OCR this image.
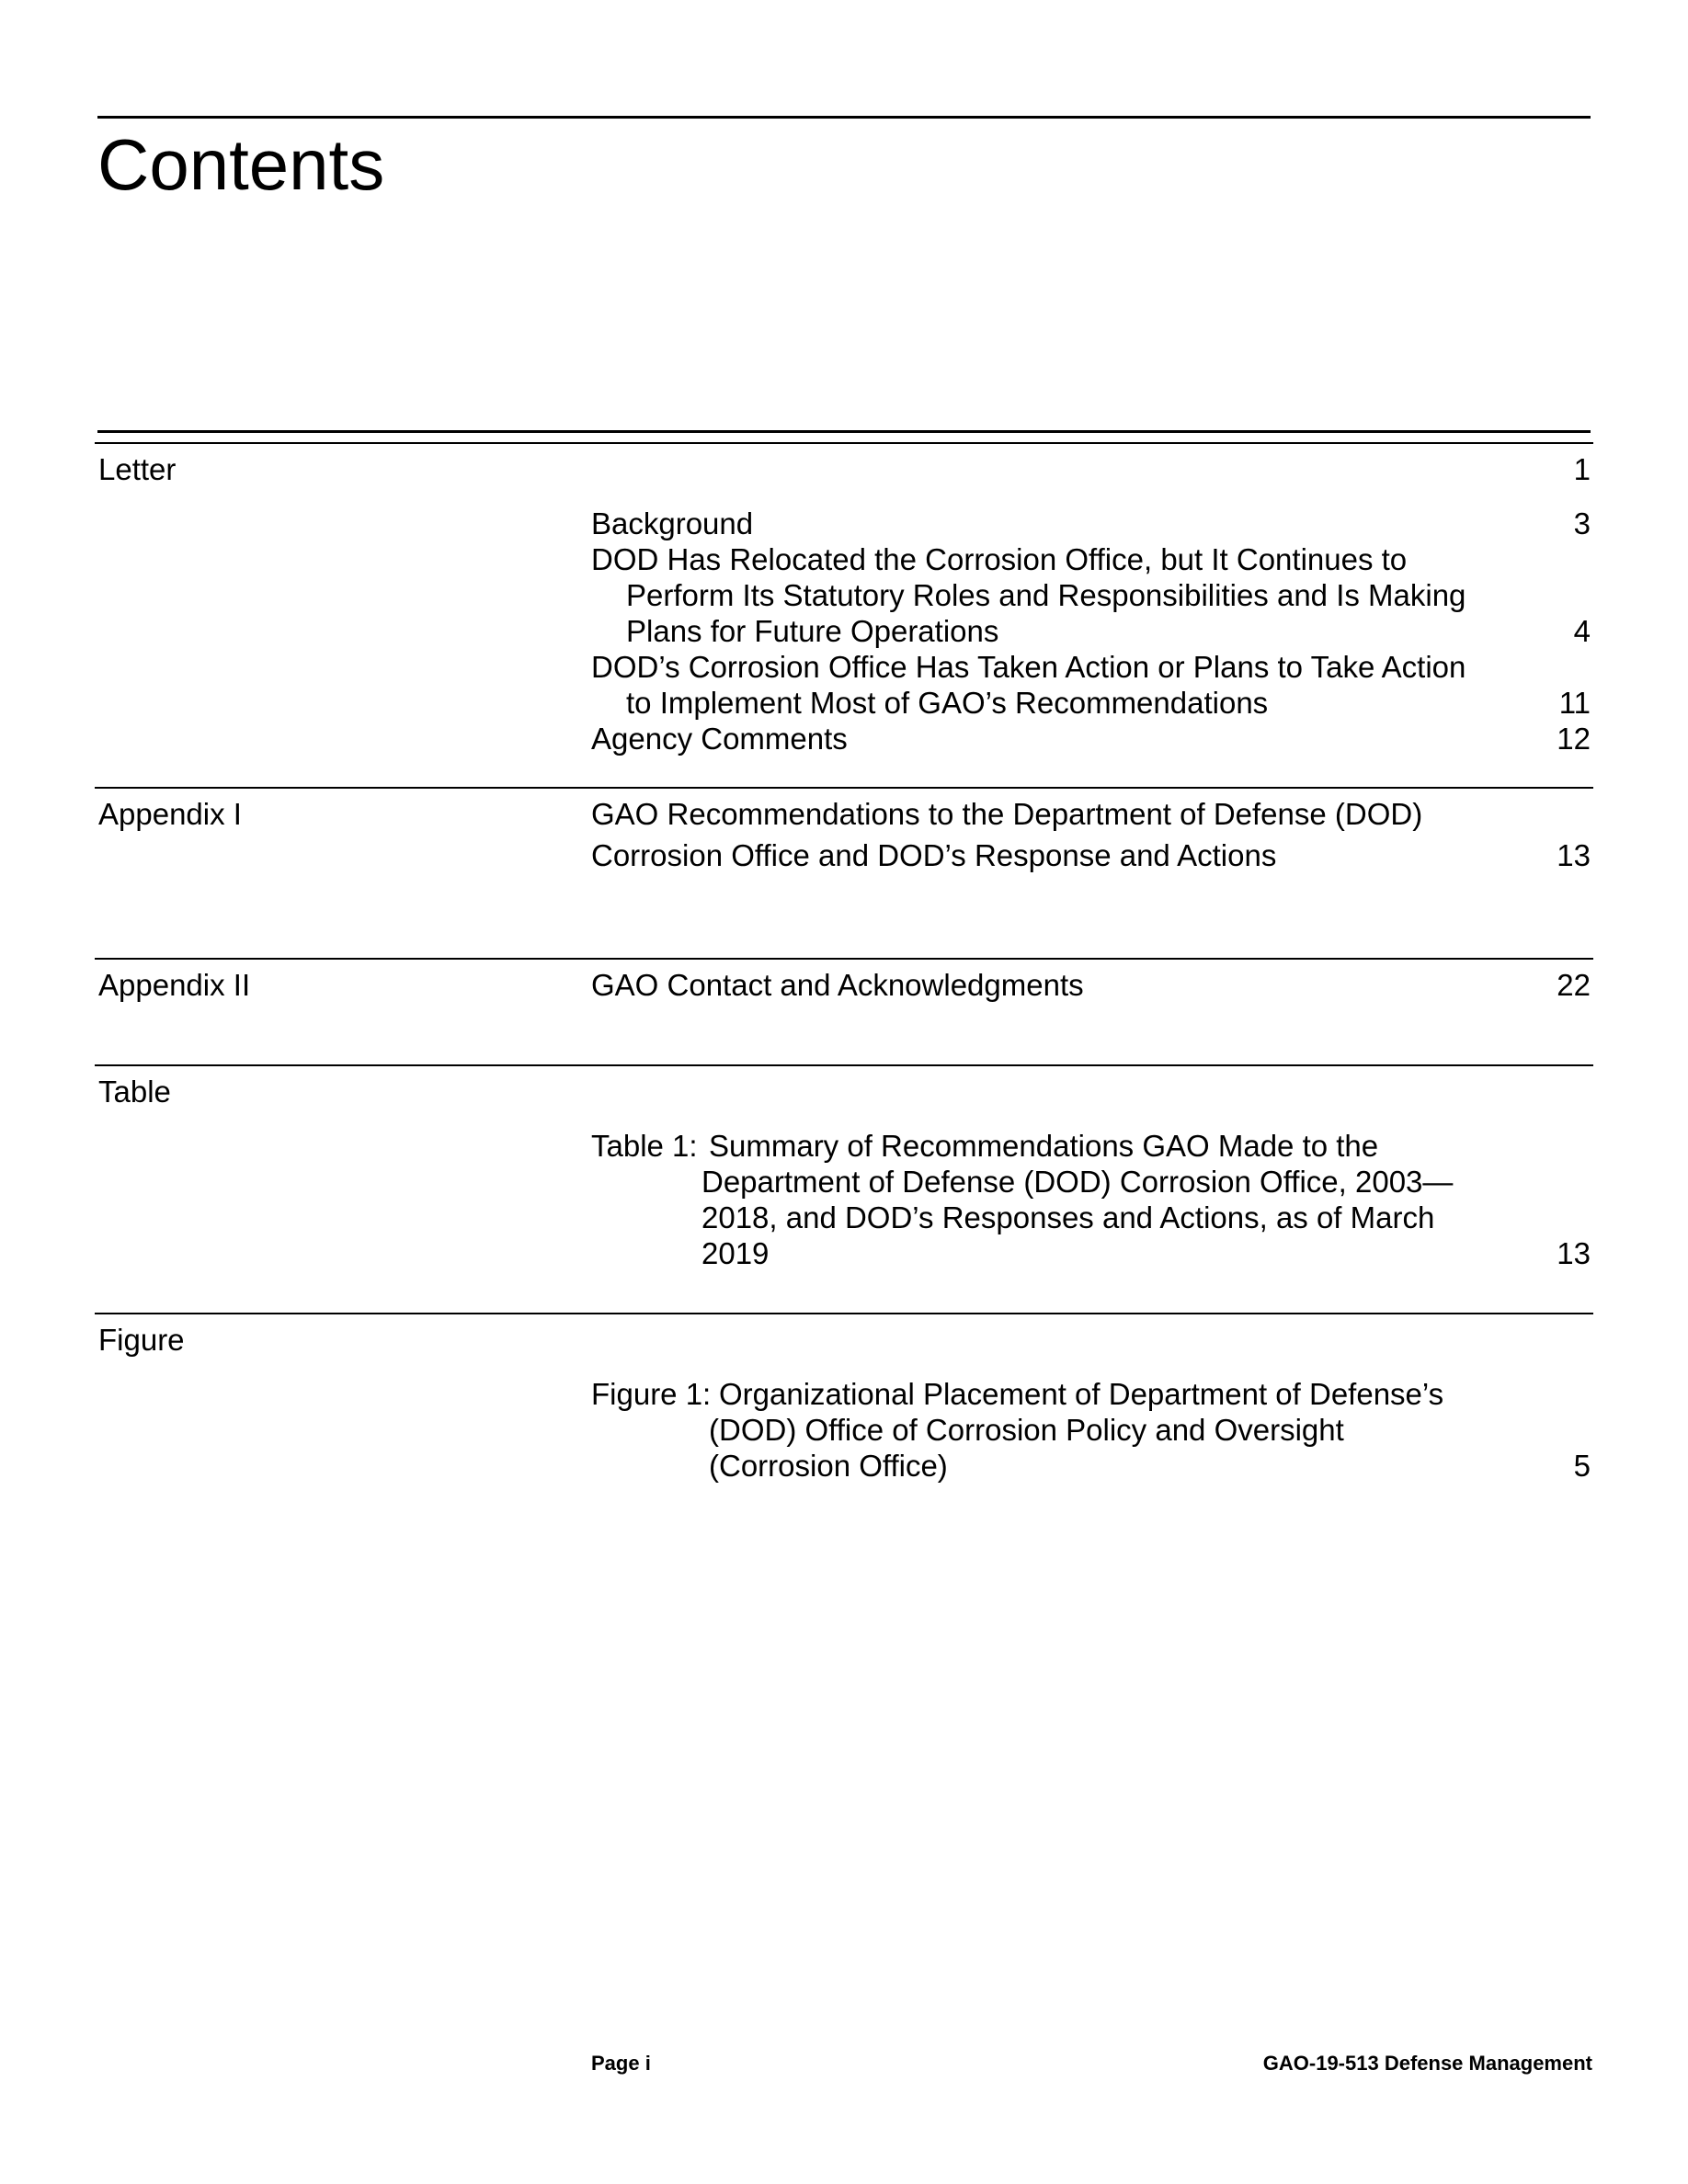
Contents
Letter	1
Background	3
DOD Has Relocated the Corrosion Office, but It Continues to
Perform Its Statutory Roles and Responsibilities and Is Making
Plans for Future Operations	4
DOD’s Corrosion Office Has Taken Action or Plans to Take Action
to Implement Most of GAO’s Recommendations	11
Agency Comments	12
Appendix I	GAO Recommendations to the Department of Defense (DOD)
Corrosion Office and DOD’s Response and Actions	13
Appendix II	GAO Contact and Acknowledgments	22
Table
Table 1: Summary of Recommendations GAO Made to the
Department of Defense (DOD) Corrosion Office, 2003—
2018, and DOD’s Responses and Actions, as of March
2019	13
Figure
Figure 1: Organizational Placement of Department of Defense’s
(DOD) Office of Corrosion Policy and Oversight
(Corrosion Office)	5
Page i	GAO-19-513 Defense Management
